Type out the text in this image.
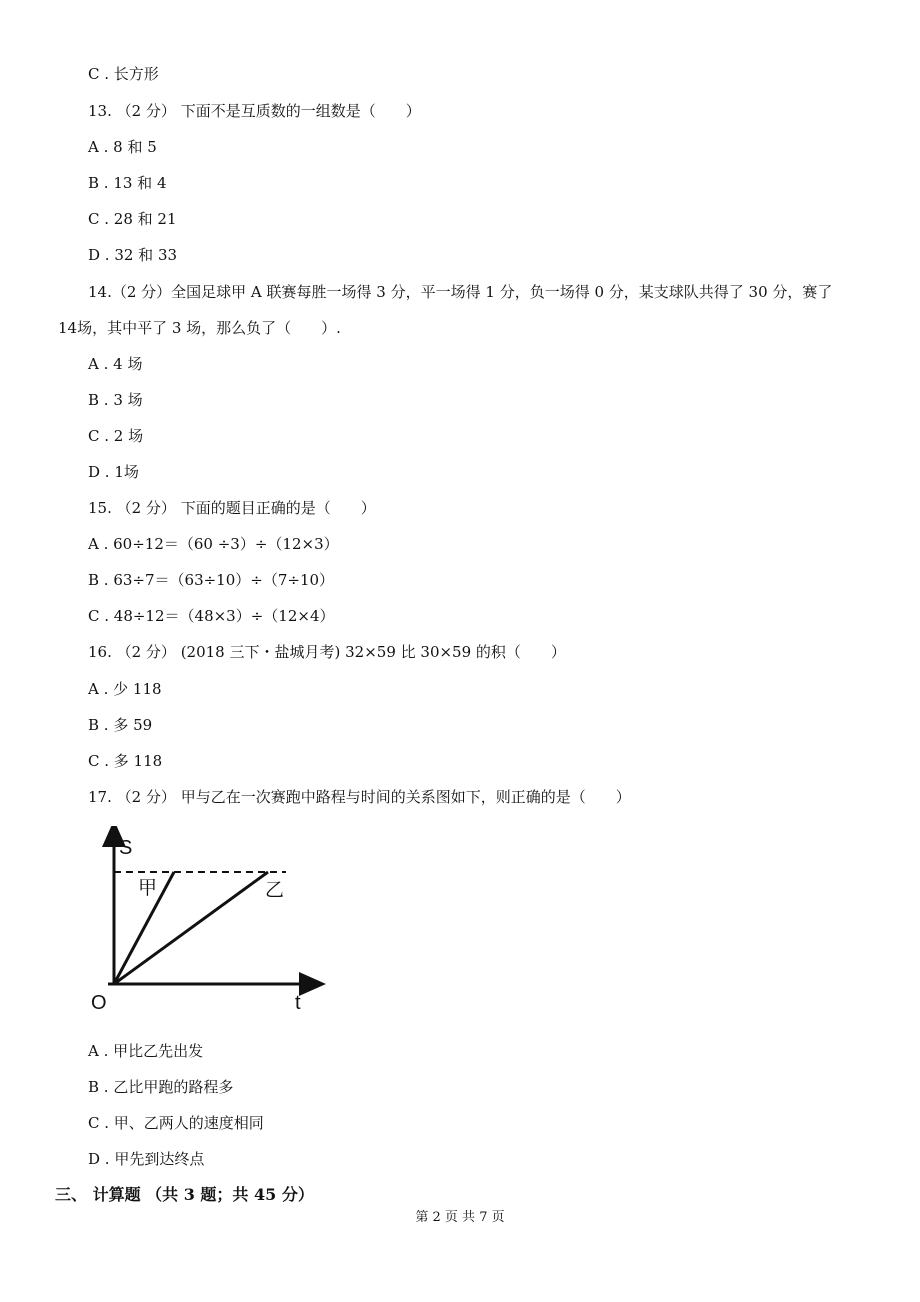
C . 长方形
13. （2 分） 下面不是互质数的一组数是（　　）
A . 8 和 5
B . 13 和 4
C . 28 和 21
D . 32 和 33
14.（2 分）全国足球甲 A 联赛每胜一场得 3 分，平一场得 1 分，负一场得 0 分，某支球队共得了 30 分，赛了
14场，其中平了 3 场，那么负了（　　）.
A . 4 场
B . 3 场
C . 2 场
D . 1场
15. （2 分） 下面的题目正确的是（　　）
A . 60÷12＝（60 ÷3）÷（12×3）
B . 63÷7＝（63÷10）÷（7÷10）
C . 48÷12＝（48×3）÷（12×4）
16. （2 分） (2018 三下・盐城月考) 32×59 比 30×59 的积（　　）
A . 少 118
B . 多 59
C . 多 118
17. （2 分） 甲与乙在一次赛跑中路程与时间的关系图如下，则正确的是（　　）
S
t
O
甲	乙
A . 甲比乙先出发
B . 乙比甲跑的路程多
C . 甲、乙两人的速度相同
D . 甲先到达终点
三、 计算题 （共 3 题；共 45 分）
第 2 页 共 7 页
